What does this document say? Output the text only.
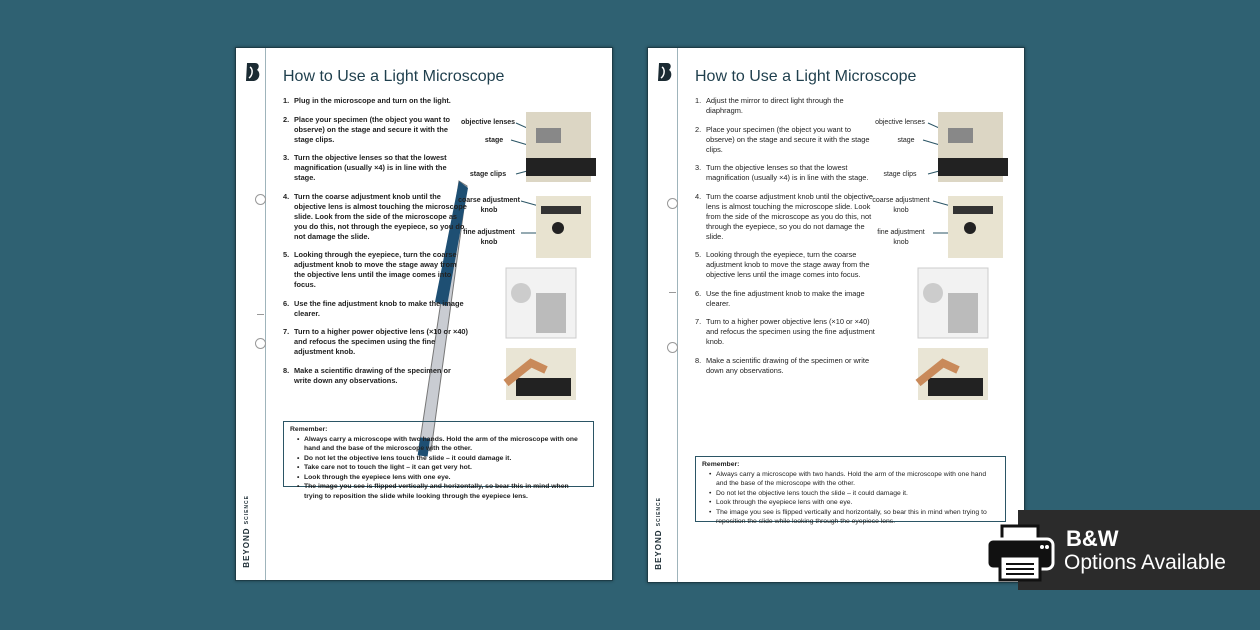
BEYOND SCIENCE
How to Use a Light Microscope
1. Plug in the microscope and turn on the light.
2. Place your specimen (the object you want to observe) on the stage and secure it with the stage clips.
3. Turn the objective lenses so that the lowest magnification (usually ×4) is in line with the stage.
4. Turn the coarse adjustment knob until the objective lens is almost touching the microscope slide. Look from the side of the microscope as you do this, not through the eyepiece, so you do not damage the slide.
5. Looking through the eyepiece, turn the coarse adjustment knob to move the stage away from the objective lens until the image comes into focus.
6. Use the fine adjustment knob to make the image clearer.
7. Turn to a higher power objective lens (×10 or ×40) and refocus the specimen using the fine adjustment knob.
8. Make a scientific drawing of the specimen or write down any observations.
objective lenses
stage
stage clips
coarse adjustment knob
fine adjustment knob
Remember:
• Always carry a microscope with two hands. Hold the arm of the microscope with one hand and the base of the microscope with the other.
• Do not let the objective lens touch the slide – it could damage it.
• Take care not to touch the light – it can get very hot.
• Look through the eyepiece lens with one eye.
• The image you see is flipped vertically and horizontally, so bear this in mind when trying to reposition the slide while looking through the eyepiece lens.
BEYOND SCIENCE
How to Use a Light Microscope
1. Adjust the mirror to direct light through the diaphragm.
2. Place your specimen (the object you want to observe) on the stage and secure it with the stage clips.
3. Turn the objective lenses so that the lowest magnification (usually ×4) is in line with the stage.
4. Turn the coarse adjustment knob until the objective lens is almost touching the microscope slide. Look from the side of the microscope as you do this, not through the eyepiece, so you do not damage the slide.
5. Looking through the eyepiece, turn the coarse adjustment knob to move the stage away from the objective lens until the image comes into focus.
6. Use the fine adjustment knob to make the image clearer.
7. Turn to a higher power objective lens (×10 or ×40) and refocus the specimen using the fine adjustment knob.
8. Make a scientific drawing of the specimen or write down any observations.
objective lenses
stage
stage clips
coarse adjustment knob
fine adjustment knob
Remember:
• Always carry a microscope with two hands. Hold the arm of the microscope with one hand and the base of the microscope with the other.
• Do not let the objective lens touch the slide – it could damage it.
• Look through the eyepiece lens with one eye.
• The image you see is flipped vertically and horizontally, so bear this in mind when trying to reposition the slide while looking through the eyepiece lens.
B&W
Options Available
